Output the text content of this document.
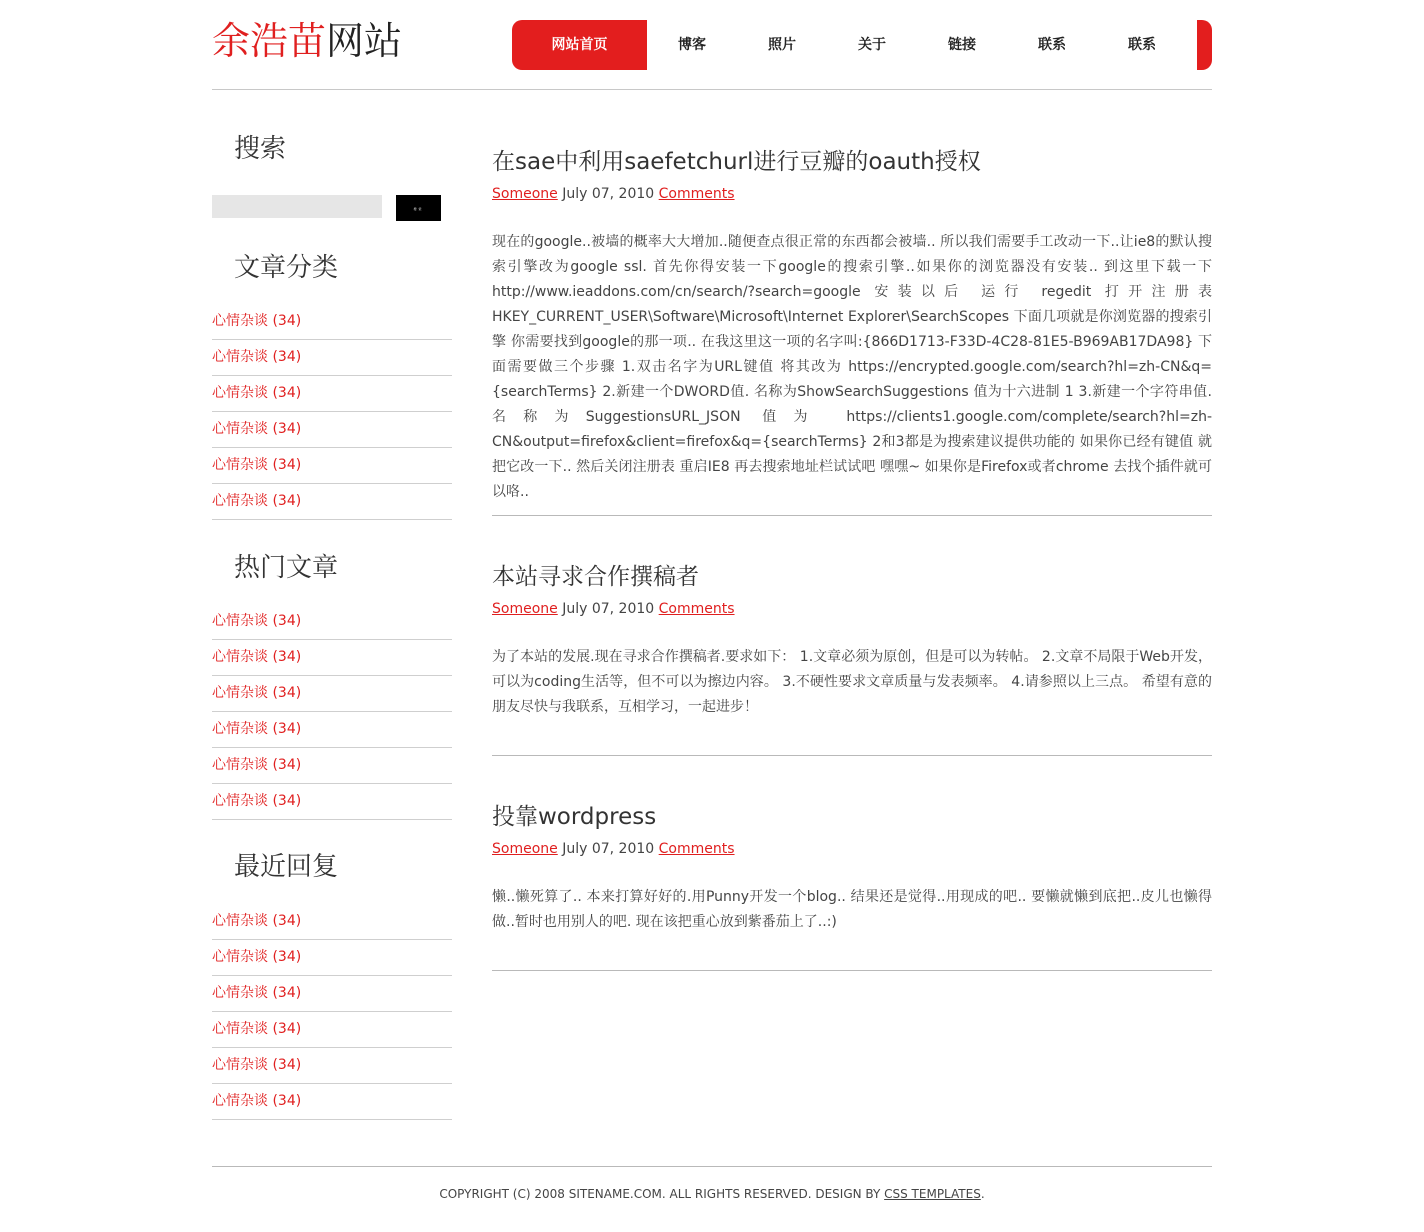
余浩苗网站	网站首页	博客	照片	关于	链接	联系	联系
搜索
搜索
文章分类
心情杂谈 (34)
心情杂谈 (34)
心情杂谈 (34)
心情杂谈 (34)
心情杂谈 (34)
心情杂谈 (34)
热门文章
心情杂谈 (34)
心情杂谈 (34)
心情杂谈 (34)
心情杂谈 (34)
心情杂谈 (34)
心情杂谈 (34)
最近回复
心情杂谈 (34)
心情杂谈 (34)
心情杂谈 (34)
心情杂谈 (34)
心情杂谈 (34)
心情杂谈 (34)
在sae中利用saefetchurl进行豆瓣的oauth授权
Someone July 07, 2010 Comments
现在的google..被墙的概率大大增加..随便查点很正常的东西都会被墙.. 所以我们需要手工改动一下..让ie8的默认搜索引擎改为google ssl. 首先你得安装一下google的搜索引擎..如果你的浏览器没有安装.. 到这里下载一下 http://www.ieaddons.com/cn/search/?search=google 安装以后 运行 regedit 打开注册表 HKEY_CURRENT_USER\Software\Microsoft\Internet Explorer\SearchScopes 下面几项就是你浏览器的搜索引擎 你需要找到google的那一项.. 在我这里这一项的名字叫:{866D1713-F33D-4C28-81E5-B969AB17DA98} 下面需要做三个步骤 1.双击名字为URL键值 将其改为 https://encrypted.google.com/search?hl=zh-CN&q={searchTerms} 2.新建一个DWORD值. 名称为ShowSearchSuggestions 值为十六进制 1 3.新建一个字符串值.名称为SuggestionsURL_JSON 值为 https://clients1.google.com/complete/search?hl=zh-CN&output=firefox&client=firefox&q={searchTerms} 2和3都是为搜索建议提供功能的 如果你已经有键值 就把它改一下.. 然后关闭注册表 重启IE8 再去搜索地址栏试试吧 嘿嘿~ 如果你是Firefox或者chrome 去找个插件就可以咯..
本站寻求合作撰稿者
Someone July 07, 2010 Comments
为了本站的发展.现在寻求合作撰稿者.要求如下： 1.文章必须为原创，但是可以为转帖。 2.文章不局限于Web开发，可以为coding生活等，但不可以为擦边内容。 3.不硬性要求文章质量与发表频率。 4.请参照以上三点。 希望有意的朋友尽快与我联系，互相学习，一起进步！
投靠wordpress
Someone July 07, 2010 Comments
懒..懒死算了.. 本来打算好好的.用Punny开发一个blog.. 结果还是觉得..用现成的吧.. 要懒就懒到底把..皮儿也懒得做..暂时也用别人的吧. 现在该把重心放到紫番茄上了..:)
COPYRIGHT (C) 2008 SITENAME.COM. ALL RIGHTS RESERVED. DESIGN BY CSS TEMPLATES.
